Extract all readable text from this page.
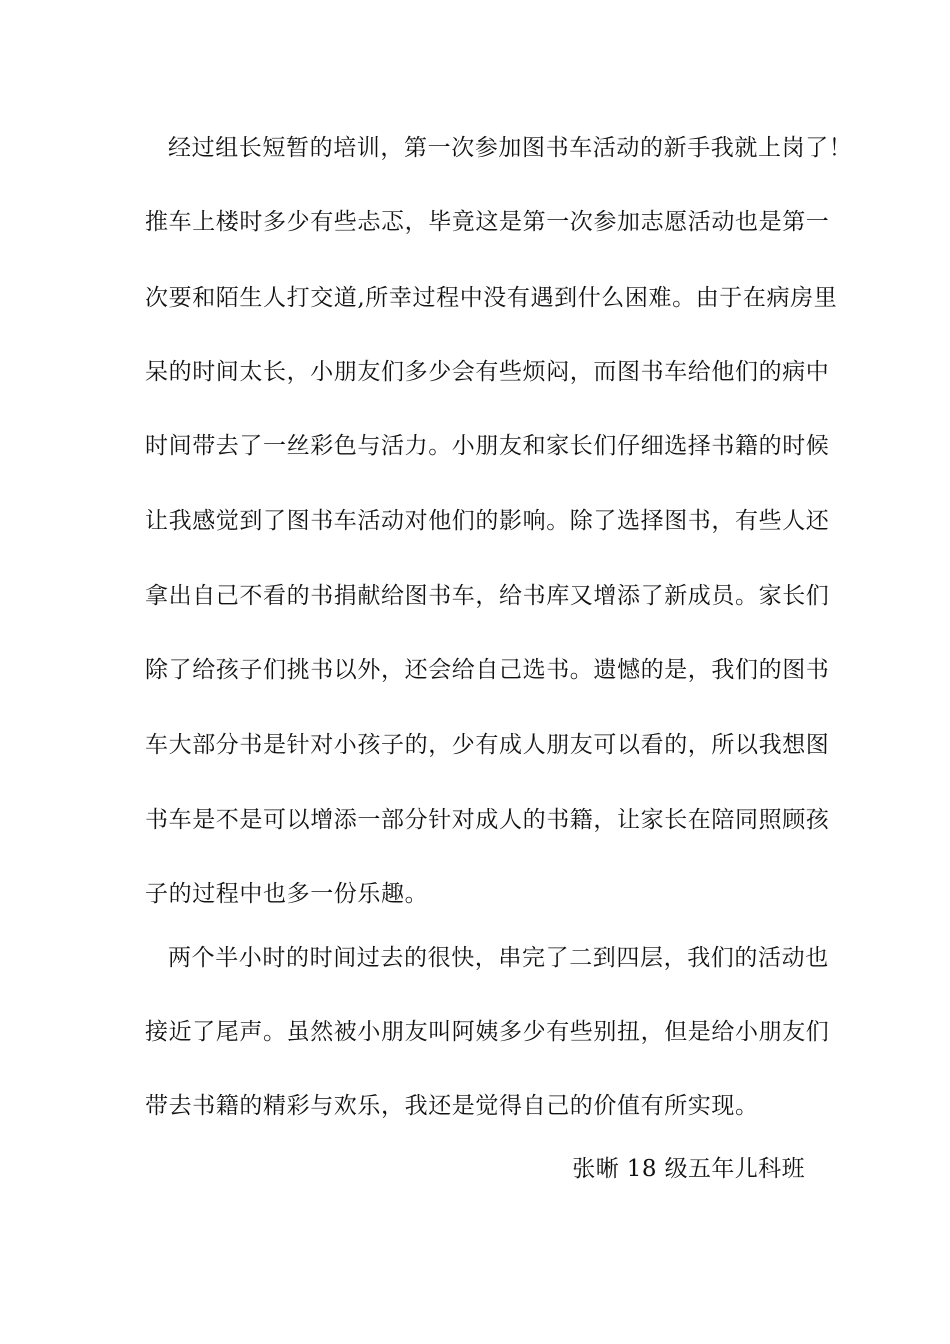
经过组长短暂的培训，第一次参加图书车活动的新手我就上岗了！
推车上楼时多少有些忐忑，毕竟这是第一次参加志愿活动也是第一
次要和陌生人打交道,所幸过程中没有遇到什么困难。由于在病房里
呆的时间太长，小朋友们多少会有些烦闷，而图书车给他们的病中
时间带去了一丝彩色与活力。小朋友和家长们仔细选择书籍的时候
让我感觉到了图书车活动对他们的影响。除了选择图书，有些人还
拿出自己不看的书捐献给图书车，给书库又增添了新成员。家长们
除了给孩子们挑书以外，还会给自己选书。遗憾的是，我们的图书
车大部分书是针对小孩子的，少有成人朋友可以看的，所以我想图
书车是不是可以增添一部分针对成人的书籍，让家长在陪同照顾孩
子的过程中也多一份乐趣。
两个半小时的时间过去的很快，串完了二到四层，我们的活动也
接近了尾声。虽然被小朋友叫阿姨多少有些别扭，但是给小朋友们
带去书籍的精彩与欢乐，我还是觉得自己的价值有所实现。
张晰 18 级五年儿科班
